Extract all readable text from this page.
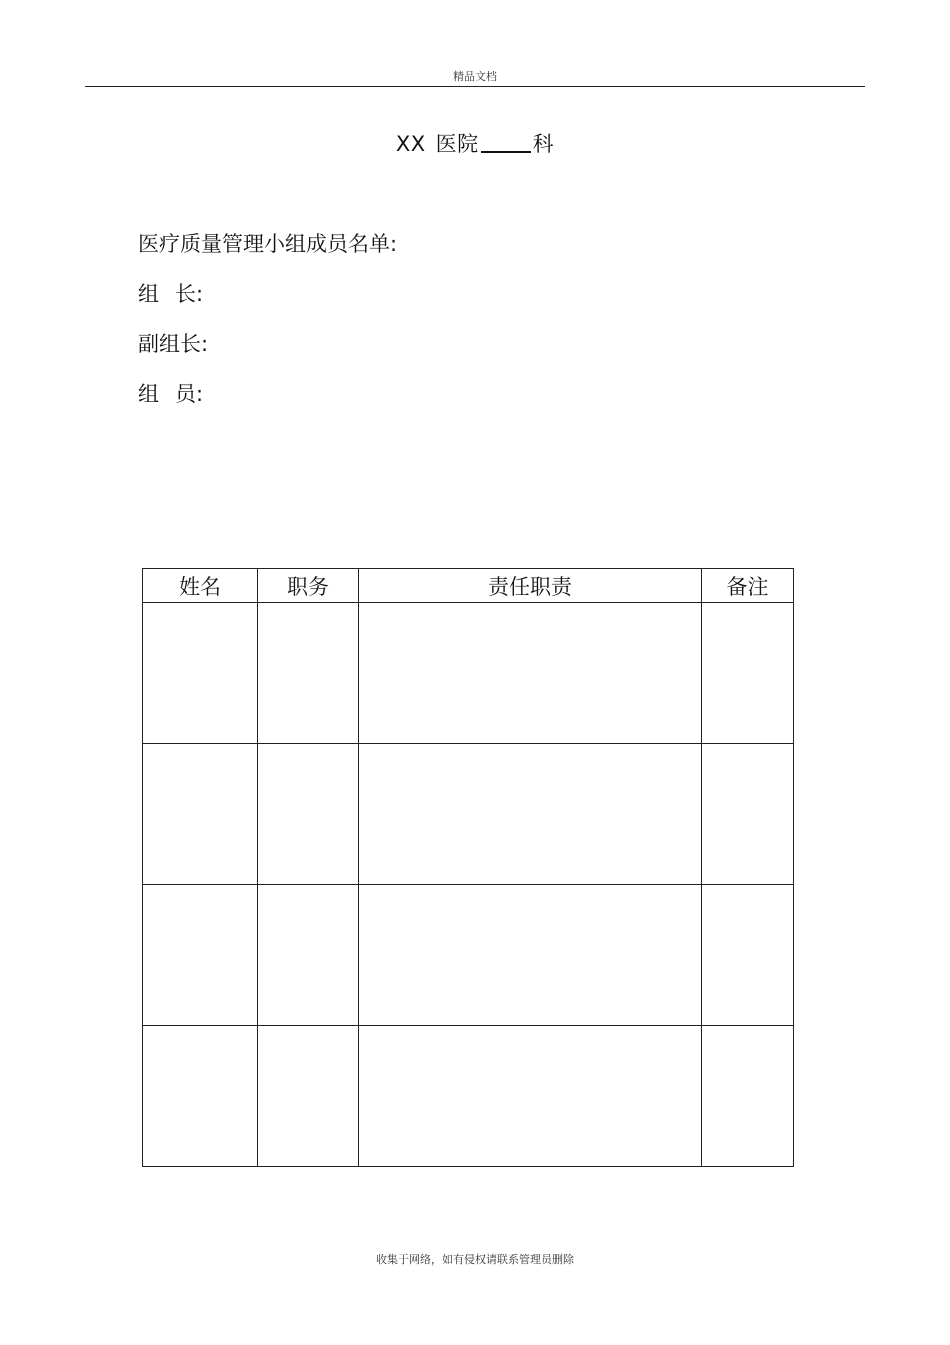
精品文档
XX 医院	科
医疗质量管理小组成员名单:
组 长:
副组长:
组 员:
姓名	职务	责任职责	备注

收集于网络，如有侵权请联系管理员删除
